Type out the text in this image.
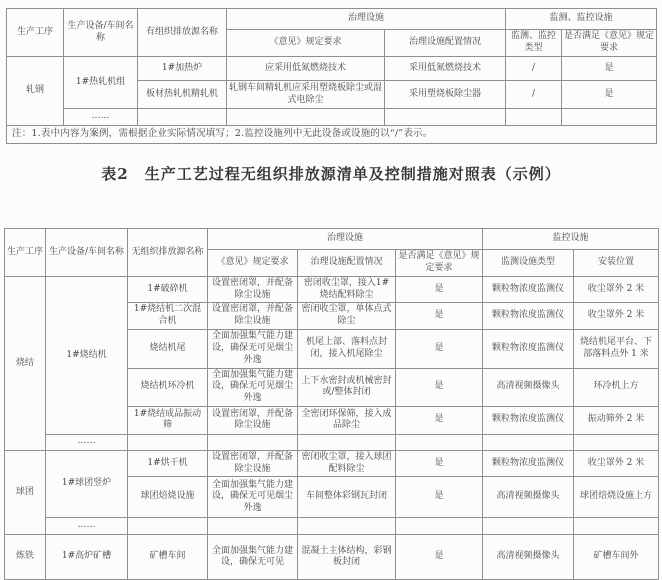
生产工序	生产设备/车间名称	有组织排放源名称	治理设施		监测、监控设施	
			《意见》规定要求	治理设施配置情况	监测、监控类型	是否满足《意见》规定要求
轧钢	1#热轧机组	1#加热炉	应采用低氮燃烧技术	采用低氮燃烧技术	/	是
		板材热轧机精轧机	轧钢车间精轧机应采用塑烧板除尘或湿式电除尘	采用塑烧板除尘器	/	是
	……					
注：1.表中内容为案例，需根据企业实际情况填写；2.监控设施列中无此设备或设施的以“/”表示。						
表2　生产工艺过程无组织排放源清单及控制措施对照表（示例）
生产工序	生产设备/车间名称	无组织排放源名称	治理设施			监控设施	
			《意见》规定要求	治理设施配置情况	是否满足《意见》规定要求	监测设施类型	安装位置
烧结	1#烧结机	1#破碎机	设置密闭罩，并配备除尘设施	密闭收尘罩，接入1#烧结配料除尘	是	颗粒物浓度监测仪	收尘罩外 2 米
		1#烧结机二次混合机	设置密闭罩，并配备除尘设施	密闭收尘罩，单体点式除尘	是	颗粒物浓度监测仪	收尘罩外 2 米
		烧结机尾	全面加强集气能力建设，确保无可见烟尘外逸	机尾上部、落料点封闭，接入机尾除尘	是	颗粒物浓度监测仪	烧结机尾平台、下部落料点外 1 米
		烧结机环冷机	全面加强集气能力建设，确保无可见烟尘外逸	上下水密封或机械密封或/整体封闭	是	高清视频摄像头	环冷机上方
		1#烧结成品振动筛	设置密闭罩，并配备除尘设施	全密闭环保筛，接入成品除尘	是	颗粒物浓度监测仪	振动筛外 2 米
	……						
球团	1#球团竖炉	1#烘干机	设置密闭罩，并配备除尘设施	密闭收尘罩，接入球团配料除尘	是	颗粒物浓度监测仪	收尘罩外 2 米
		球团焙烧设施	全面加强集气能力建设，确保无可见烟尘外逸	车间整体彩钢瓦封闭	是	高清视频摄像头	球团焙烧设施上方
	……						
炼铁	1#高炉矿槽	矿槽车间	全面加强集气能力建设，确保无可见	混凝土主体结构，彩钢板封闭	是	高清视频摄像头	矿槽车间外
